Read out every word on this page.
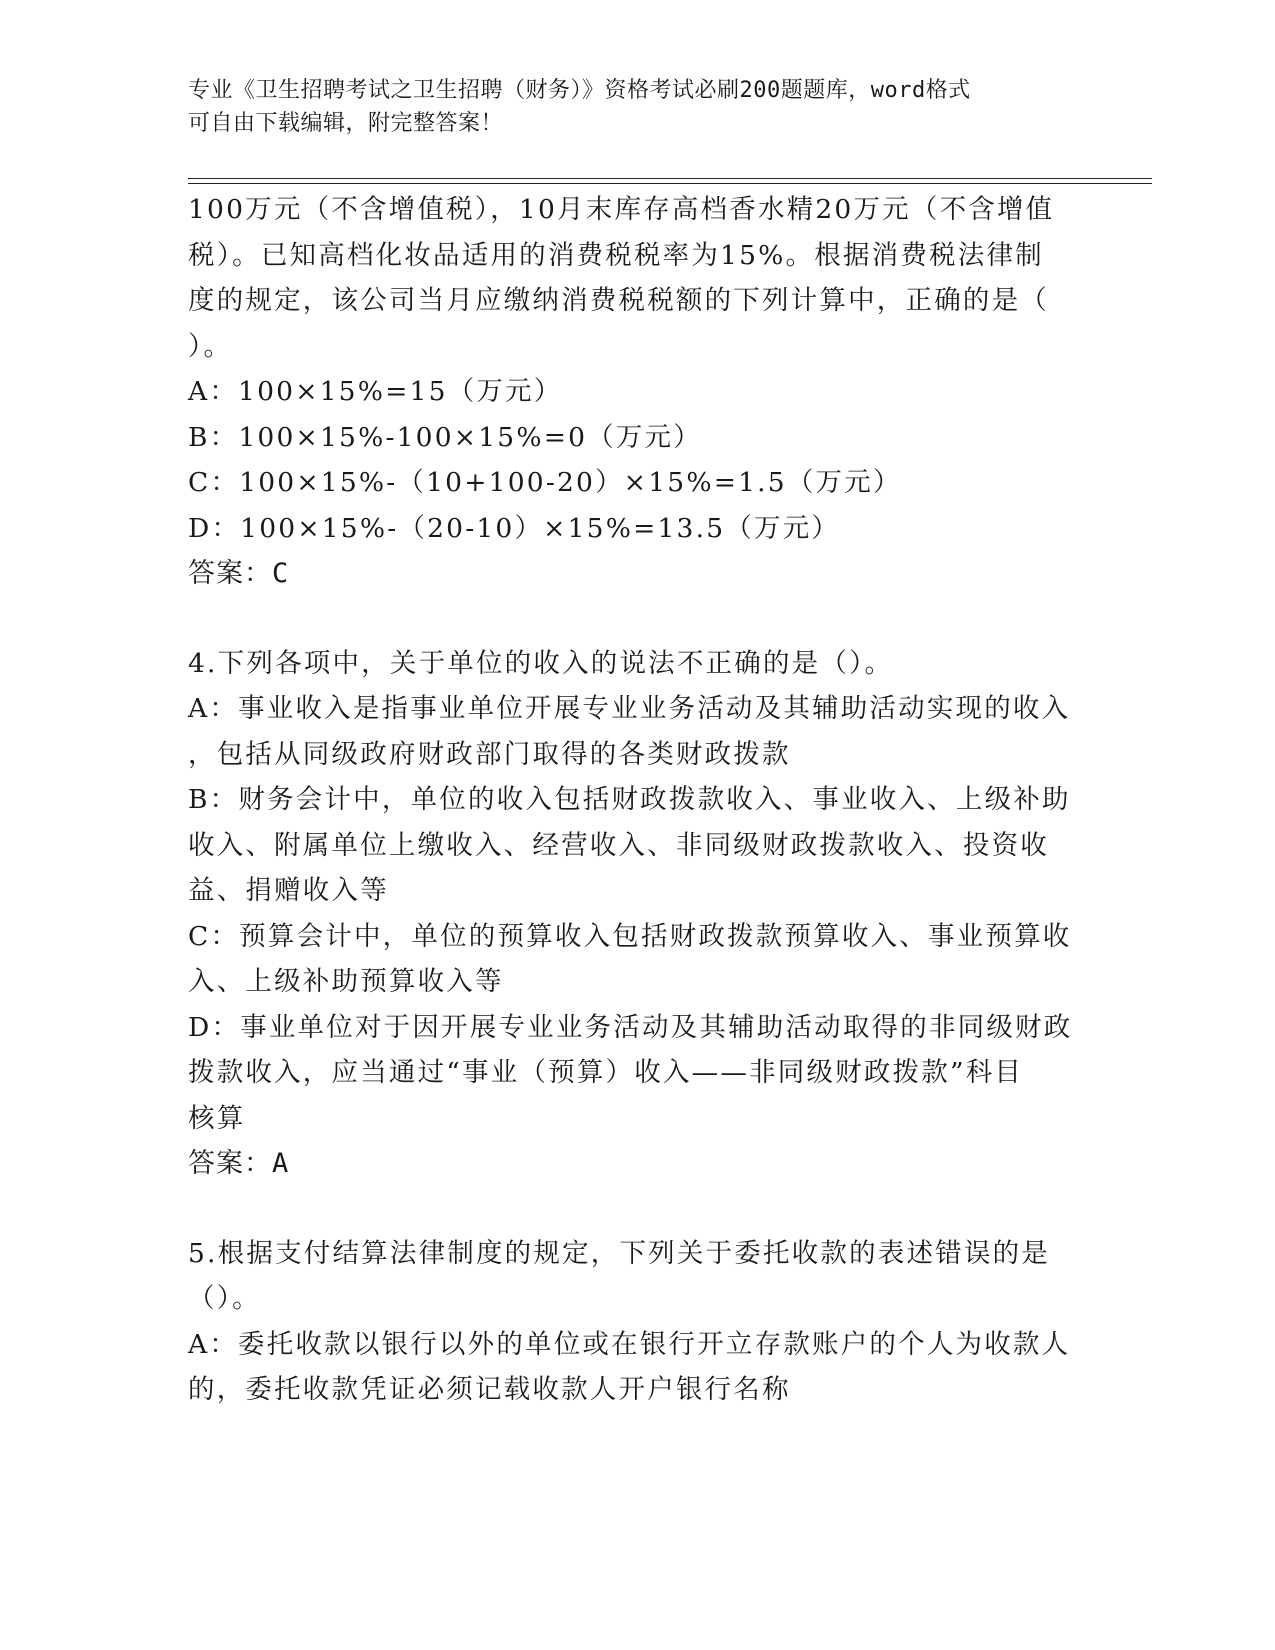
专业《卫生招聘考试之卫生招聘（财务）》资格考试必刷200题题库，word格式
可自由下载编辑，附完整答案！
100万元（不含增值税），10月末库存高档香水精20万元（不含增值
税）。已知高档化妆品适用的消费税税率为15%。根据消费税法律制
度的规定，该公司当月应缴纳消费税税额的下列计算中，正确的是（
）。
A：100×15%=15（万元）
B：100×15%-100×15%=0（万元）
C：100×15%-（10+100-20）×15%=1.5（万元）
D：100×15%-（20-10）×15%=13.5（万元）
答案：C
4.下列各项中，关于单位的收入的说法不正确的是（）。
A：事业收入是指事业单位开展专业业务活动及其辅助活动实现的收入
，包括从同级政府财政部门取得的各类财政拨款
B：财务会计中，单位的收入包括财政拨款收入、事业收入、上级补助
收入、附属单位上缴收入、经营收入、非同级财政拨款收入、投资收
益、捐赠收入等
C：预算会计中，单位的预算收入包括财政拨款预算收入、事业预算收
入、上级补助预算收入等
D：事业单位对于因开展专业业务活动及其辅助活动取得的非同级财政
拨款收入，应当通过“事业（预算）收入——非同级财政拨款”科目
核算
答案：A
5.根据支付结算法律制度的规定，下列关于委托收款的表述错误的是
（）。
A：委托收款以银行以外的单位或在银行开立存款账户的个人为收款人
的，委托收款凭证必须记载收款人开户银行名称
